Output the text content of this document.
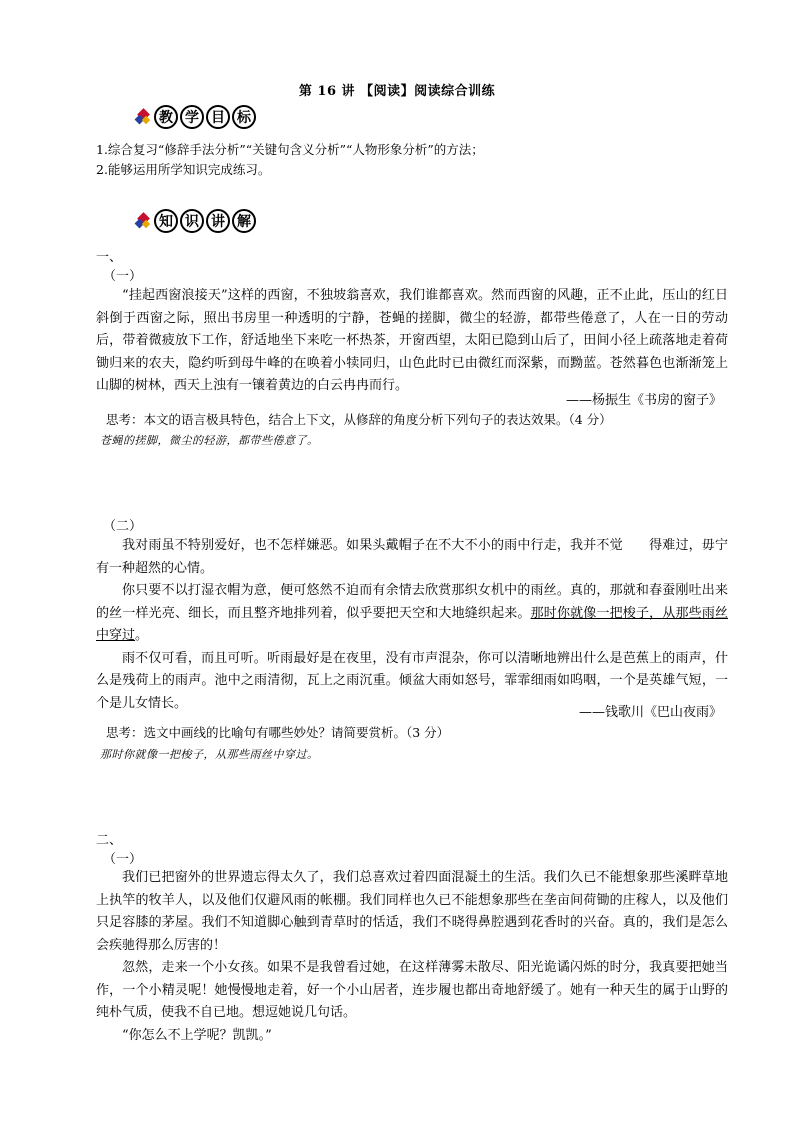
第 16 讲 【阅读】阅读综合训练
教 学 目 标
1.综合复习“修辞手法分析”“关键句含义分析”“人物形象分析”的方法；
2.能够运用所学知识完成练习。
知 识 讲 解
一、
（一）

“挂起西窗浪接天”这样的西窗，不独坡翁喜欢，我们谁都喜欢。然而西窗的风趣，正不止此，压山的红日斜倒于西窗之际，照出书房里一种透明的宁静，苍蝇的搓脚，微尘的轻游，都带些倦意了，人在一日的劳动后，带着微疲放下工作，舒适地坐下来吃一杯热茶，开窗西望，太阳已隐到山后了，田间小径上疏落地走着荷锄归来的农夫，隐约听到母牛峰的在唤着小犊同归，山色此时已由微红而深紫，而黝蓝。苍然暮色也渐渐笼上山脚的树林，西天上浊有一镶着黄边的白云冉冉而行。

——杨振生《书房的窗子》
思考：本文的语言极具特色，结合上下文，从修辞的角度分析下列句子的表达效果。（4 分）
苍蝇的搓脚，微尘的轻游，都带些倦意了。
（二）

我对雨虽不特别爱好，也不怎样嫌恶。如果头戴帽子在不大不小的雨中行走，我并不觉　　得难过，毋宁有一种超然的心情。

你只要不以打湿衣帽为意，便可悠然不迫而有余情去欣赏那织女机中的雨丝。真的，那就和春蚕刚吐出来的丝一样光亮、细长，而且整齐地排列着，似乎要把天空和大地缝织起来。那时你就像一把梭子，从那些雨丝中穿过。

雨不仅可看，而且可听。听雨最好是在夜里，没有市声混杂，你可以清晰地辨出什么是芭蕉上的雨声，什么是残荷上的雨声。池中之雨清彻，瓦上之雨沉重。倾盆大雨如怒号，霏霏细雨如呜咽，一个是英雄气短，一个是儿女情长。

——钱歌川《巴山夜雨》
思考：选文中画线的比喻句有哪些妙处？请简要赏析。（3 分）
那时你就像一把梭子，从那些雨丝中穿过。
二、
（一）

我们已把窗外的世界遗忘得太久了，我们总喜欢过着四面混凝土的生活。我们久已不能想象那些溪畔草地上执竿的牧羊人，以及他们仅避风雨的帐棚。我们同样也久已不能想象那些在垄亩间荷锄的庄稼人，以及他们只足容膝的茅屋。我们不知道脚心触到青草时的恬适，我们不晓得鼻腔遇到花香时的兴奋。真的，我们是怎么会疾驰得那么厉害的！

忽然，走来一个小女孩。如果不是我曾看过她，在这样薄雾未散尽、阳光诡谲闪烁的时分，我真要把她当作，一个小精灵呢！她慢慢地走着，好一个小山居者，连步履也都出奇地舒缓了。她有一种天生的属于山野的纯朴气质，使我不自已地。想逗她说几句话。

“你怎么不上学呢？凯凯。”
